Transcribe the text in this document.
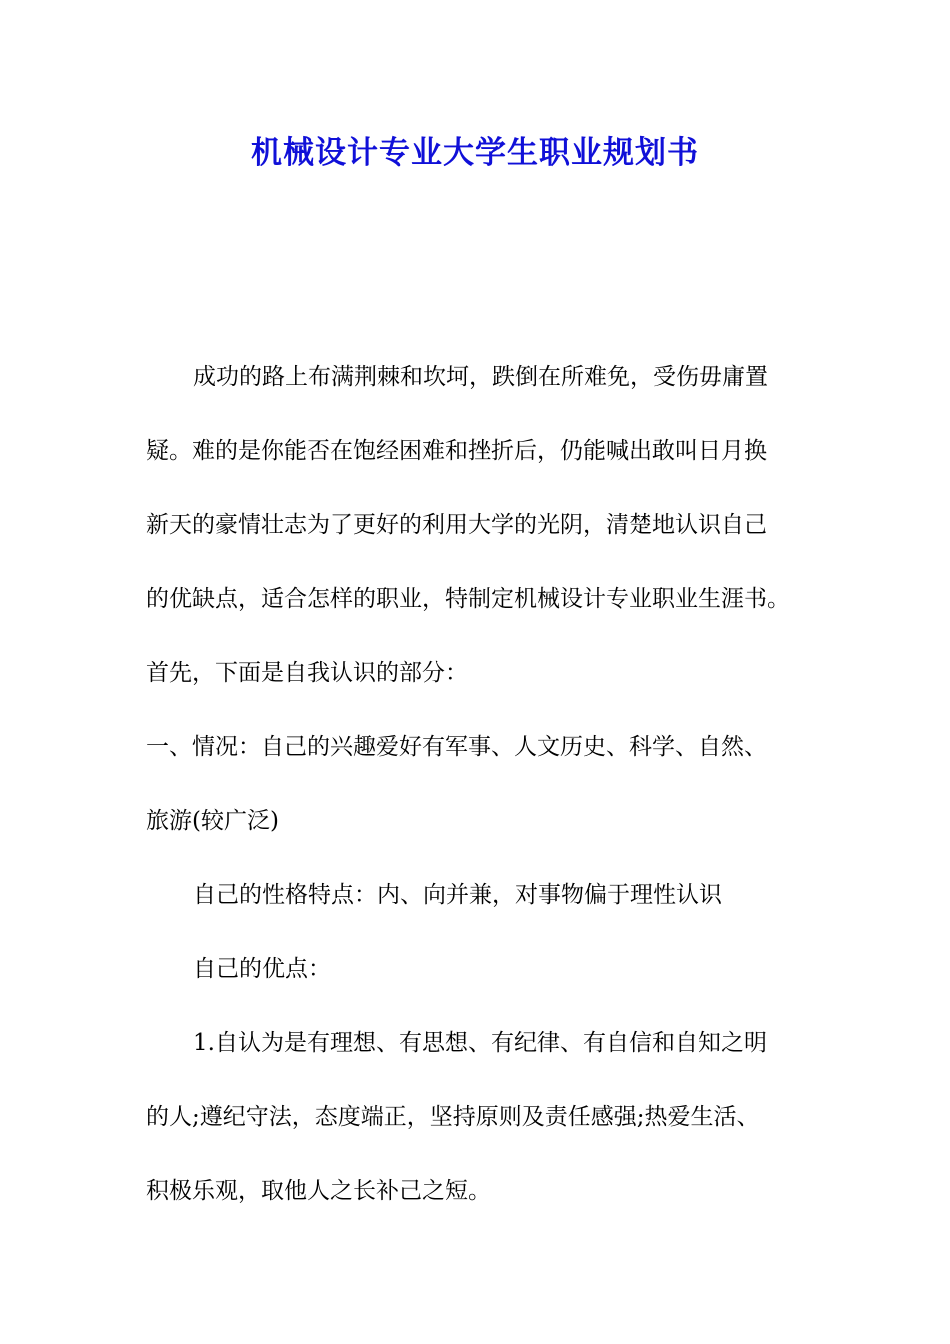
机械设计专业大学生职业规划书
成功的路上布满荆棘和坎坷，跌倒在所难免，受伤毋庸置
疑。难的是你能否在饱经困难和挫折后，仍能喊出敢叫日月换
新天的豪情壮志为了更好的利用大学的光阴，清楚地认识自己
的优缺点，适合怎样的职业，特制定机械设计专业职业生涯书。
首先，下面是自我认识的部分：
一、情况：自己的兴趣爱好有军事、人文历史、科学、自然、
旅游(较广泛)
自己的性格特点：内、向并兼，对事物偏于理性认识
自己的优点：
1.自认为是有理想、有思想、有纪律、有自信和自知之明
的人;遵纪守法，态度端正，坚持原则及责任感强;热爱生活、
积极乐观，取他人之长补己之短。
